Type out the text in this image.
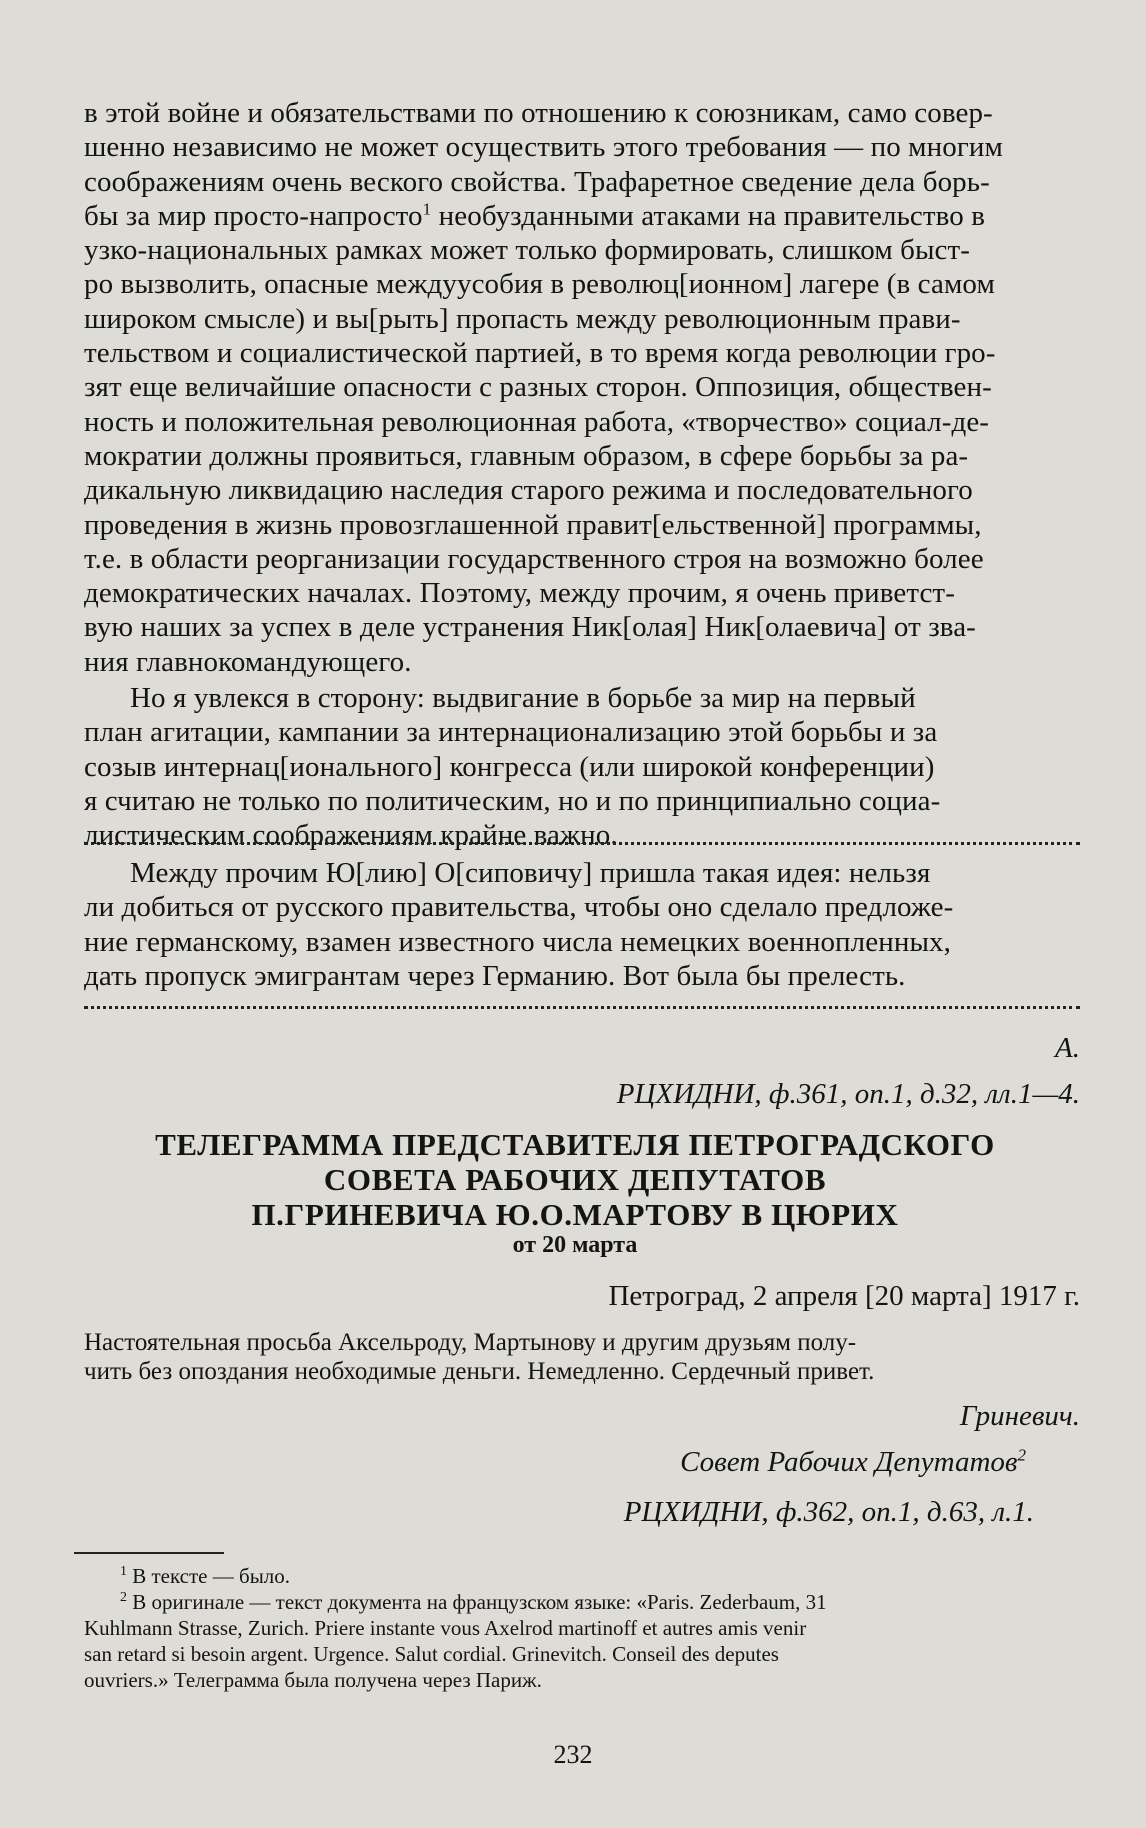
в этой войне и обязательствами по отношению к союзникам, само совер-
шенно независимо не может осуществить этого требования — по многим
соображениям очень веского свойства. Трафаретное сведение дела борь-
бы за мир просто-напросто$^1$ необузданными атаками на правительство в
узко-национальных рамках может только формировать, слишком быст-
ро вызволить, опасные междуусобия в революц[ионном] лагере (в самом
широком смысле) и вы[рыть] пропасть между революционным прави-
тельством и социалистической партией, в то время когда революции гро-
зят еще величайшие опасности с разных сторон. Оппозиция, обществен-
ность и положительная революционная работа, «творчество» социал-де-
мократии должны проявиться, главным образом, в сфере борьбы за ра-
дикальную ликвидацию наследия старого режима и последовательного
проведения в жизнь провозглашенной правит[ельственной] программы,
т.е. в области реорганизации государственного строя на возможно более
демократических началах. Поэтому, между прочим, я очень приветст-
вую наших за успех в деле устранения Ник[олая] Ник[олаевича] от зва-
ния главнокомандующего.

Но я увлекся в сторону: выдвигание в борьбе за мир на первый
план агитации, кампании за интернационализацию этой борьбы и за
созыв интернац[ионального] конгресса (или широкой конференции)
я считаю не только по политическим, но и по принципиально социа-
листическим соображениям крайне важно.

Между прочим Ю[лию] О[сиповичу] пришла такая идея: нельзя
ли добиться от русского правительства, чтобы оно сделало предложе-
ние германскому, взамен известного числа немецких военнопленных,
дать пропуск эмигрантам через Германию. Вот была бы прелесть.

А.
РЦХИДНИ, ф.361, оп.1, д.32, лл.1—4.
ТЕЛЕГРАММА ПРЕДСТАВИТЕЛЯ ПЕТРОГРАДСКОГО
СОВЕТА РАБОЧИХ ДЕПУТАТОВ
П.ГРИНЕВИЧА Ю.О.МАРТОВУ В ЦЮРИХ
от 20 марта
Петроград, 2 апреля [20 марта] 1917 г.

Настоятельная просьба Аксельроду, Мартынову и другим друзьям полу-
чить без опоздания необходимые деньги. Немедленно. Сердечный привет.

Гриневич.
Совет Рабочих Депутатов$^2$
РЦХИДНИ, ф.362, оп.1, д.63, л.1.
$^1$ В тексте — было.
$^2$ В оригинале — текст документа на французском языке: «Paris. Zederbaum, 31
Kuhlmann Strasse, Zurich. Priere instante vous Axelrod martinoff et autres amis venir
san retard si besoin argent. Urgence. Salut cordial. Grinevitch. Conseil des deputes
ouvriers.» Телеграмма была получена через Париж.
232
